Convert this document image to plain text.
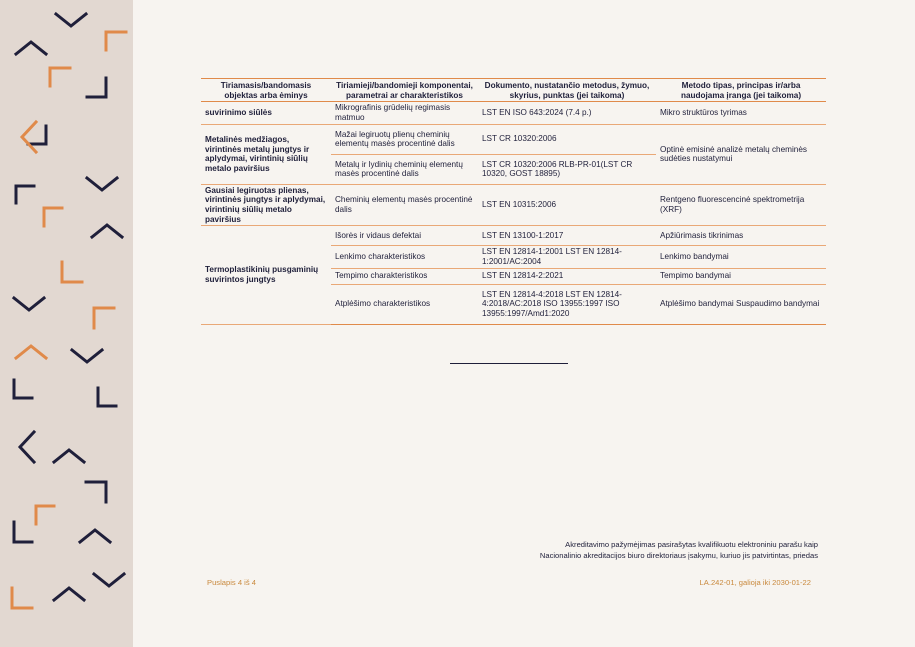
Tiriamasis/bandomasis objektas arba ėminys	Tiriamieji/bandomieji komponentai, parametrai ar charakteristikos	Dokumento, nustatančio metodus, žymuo, skyrius, punktas (jei taikoma)	Metodo tipas, principas ir/arba naudojama įranga (jei taikoma)
suvirinimo siūlės	Mikrografinis grūdelių regimasis matmuo	LST EN ISO 643:2024 (7.4 p.)	Mikro struktūros tyrimas
Metalinės medžiagos, virintinės metalų jungtys ir aplydymai, virintinių siūlių metalo paviršius	Mažai legiruotų plienų cheminių elementų masės procentinė dalis	LST CR 10320:2006	Optinė emisinė analizė metalų cheminės sudėties nustatymui
	Metalų ir lydinių cheminių elementų masės procentinė dalis	LST CR 10320:2006 RLB-PR-01(LST CR 10320, GOST 18895)	
Gausiai legiruotas plienas, virintinės jungtys ir aplydymai, virintinių siūlių metalo paviršius	Cheminių elementų masės procentinė dalis	LST EN 10315:2006	Rentgeno fluorescencinė spektrometrija (XRF)
Termoplastikinių pusgaminių suvirintos jungtys	Išorės ir vidaus defektai	LST EN 13100-1:2017	Apžiūrimasis tikrinimas
	Lenkimo charakteristikos	LST EN 12814-1:2001 LST EN 12814-1:2001/AC:2004	Lenkimo bandymai
	Tempimo charakteristikos	LST EN 12814-2:2021	Tempimo bandymai
	Atplėšimo charakteristikos	LST EN 12814-4:2018 LST EN 12814-4:2018/AC:2018 ISO 13955:1997 ISO 13955:1997/Amd1:2020	Atplėšimo bandymai Suspaudimo bandymai
Akreditavimo pažymėjimas pasirašytas kvalifikuotu elektroniniu parašu kaip
Nacionalinio akreditacijos biuro direktoriaus įsakymu, kuriuo jis patvirtintas, priedas
Puslapis 4 iš 4	LA.242-01, galioja iki 2030-01-22
